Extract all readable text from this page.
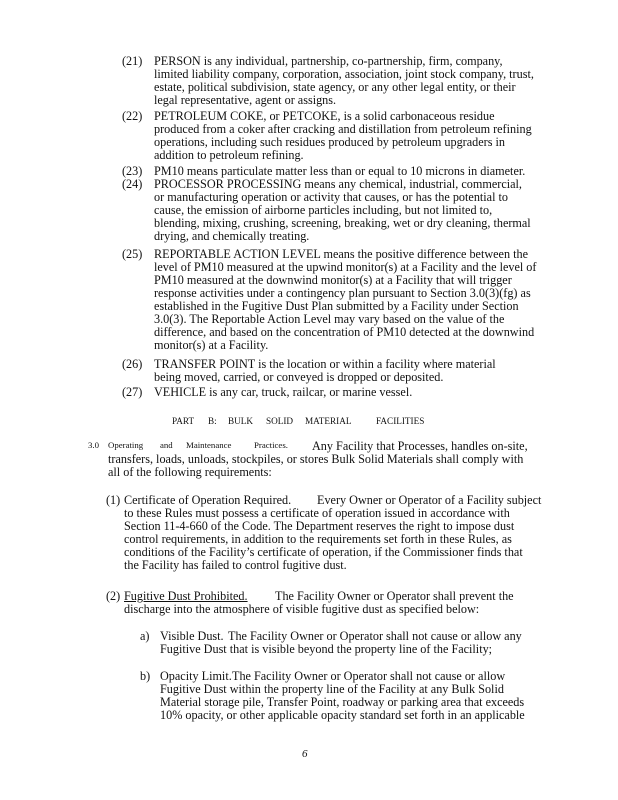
(21) PERSON is any individual, partnership, co-partnership, firm, company,
limited liability company, corporation, association, joint stock company, trust,
estate, political subdivision, state agency, or any other legal entity, or their
legal representative, agent or assigns.
(22) PETROLEUM COKE, or PETCOKE, is a solid carbonaceous residue
produced from a coker after cracking and distillation from petroleum refining
operations, including such residues produced by petroleum upgraders in
addition to petroleum refining.
(23) PM10 means particulate matter less than or equal to 10 microns in diameter.
(24) PROCESSOR PROCESSING means any chemical, industrial, commercial,
or manufacturing operation or activity that causes, or has the potential to
cause, the emission of airborne particles including, but not limited to,
blending, mixing, crushing, screening, breaking, wet or dry cleaning, thermal
drying, and chemically treating.
(25) REPORTABLE ACTION LEVEL means the positive difference between the
level of PM10 measured at the upwind monitor(s) at a Facility and the level of
PM10 measured at the downwind monitor(s) at a Facility that will trigger
response activities under a contingency plan pursuant to Section 3.0(3)(fg) as
established in the Fugitive Dust Plan submitted by a Facility under Section
3.0(3). The Reportable Action Level may vary based on the value of the
difference, and based on the concentration of PM10 detected at the downwind
monitor(s) at a Facility.
(26) TRANSFER POINT is the location or within a facility where material
being moved, carried, or conveyed is dropped or deposited.
(27) VEHICLE is any car, truck, railcar, or marine vessel.
PART B: BULK SOLID MATERIAL	FACILITIES
3.0 Operating and Maintenance	Practices. Any Facility that Processes, handles on-site,
transfers, loads, unloads, stockpiles, or stores Bulk Solid Materials shall comply with
all of the following requirements:
(1) Certificate of Operation Required. Every Owner or Operator of a Facility subject
to these Rules must possess a certificate of operation issued in accordance with
Section 11-4-660 of the Code. The Department reserves the right to impose dust
control requirements, in addition to the requirements set forth in these Rules, as
conditions of the Facility’s certificate of operation, if the Commissioner finds that
the Facility has failed to control fugitive dust.
(2) Fugitive Dust Prohibited. The Facility Owner or Operator shall prevent the
discharge into the atmosphere of visible fugitive dust as specified below:
a) Visible Dust. The Facility Owner or Operator shall not cause or allow any
Fugitive Dust that is visible beyond the property line of the Facility;
b) Opacity Limit. The Facility Owner or Operator shall not cause or allow
Fugitive Dust within the property line of the Facility at any Bulk Solid
Material storage pile, Transfer Point, roadway or parking area that exceeds
10% opacity, or other applicable opacity standard set forth in an applicable
6
